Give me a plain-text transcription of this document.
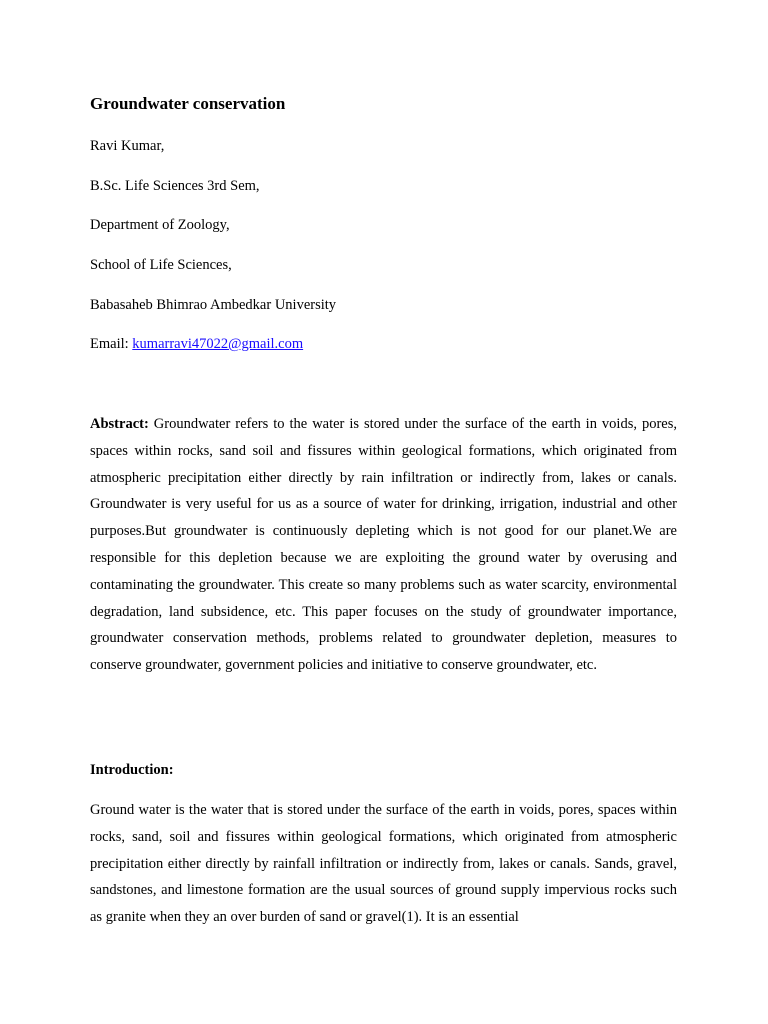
Groundwater conservation

Ravi Kumar,

B.Sc. Life Sciences 3rd Sem,

Department of Zoology,

School of Life Sciences,

Babasaheb Bhimrao Ambedkar University

Email: kumarravi47022@gmail.com

Abstract: Groundwater refers to the water is stored under the surface of the earth in voids, pores, spaces within rocks, sand soil and fissures within geological formations, which originated from atmospheric precipitation either directly by rain infiltration or indirectly from, lakes or canals. Groundwater is very useful for us as a source of water for drinking, irrigation, industrial and other purposes.But groundwater is continuously depleting which is not good for our planet.We are responsible for this depletion because we are exploiting the ground water by overusing and contaminating the groundwater. This create so many problems such as water scarcity, environmental degradation, land subsidence, etc. This paper focuses on the study of groundwater importance, groundwater conservation methods, problems related to groundwater depletion, measures to conserve groundwater, government policies and initiative to conserve groundwater, etc.

Introduction:

Ground water is the water that is stored under the surface of the earth in voids, pores, spaces within rocks, sand, soil and fissures within geological formations, which originated from atmospheric precipitation either directly by rainfall infiltration or indirectly from, lakes or canals. Sands, gravel, sandstones, and limestone formation are the usual sources of ground supply impervious rocks such as granite when they an over burden of sand or gravel(1). It is an essential
